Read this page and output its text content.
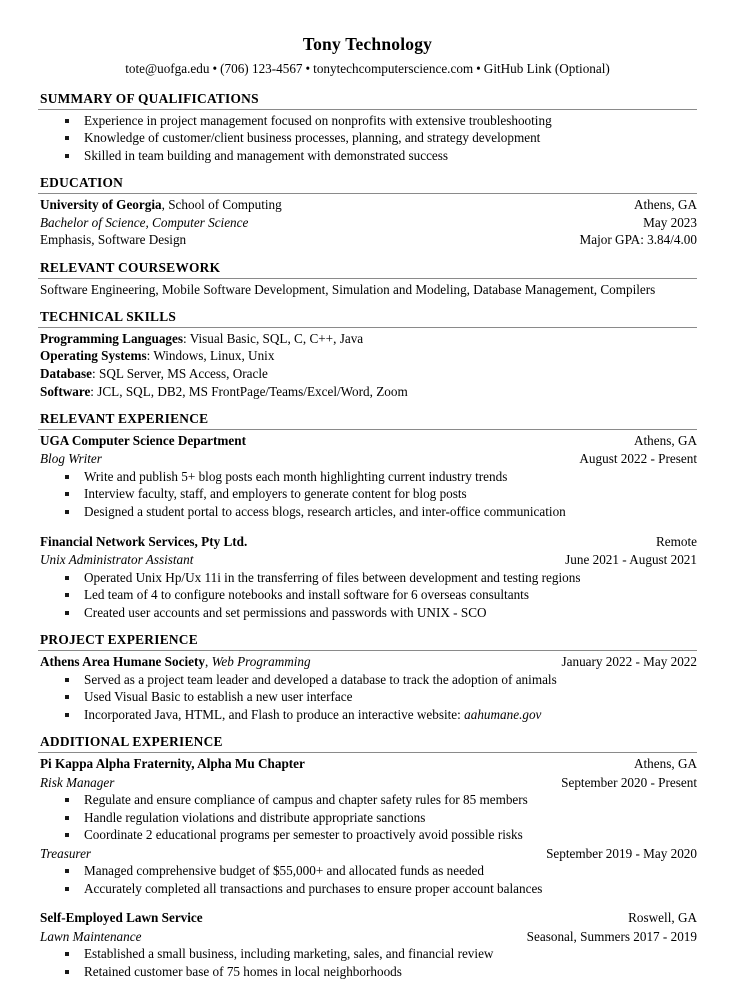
Tony Technology
tote@uofga.edu • (706) 123-4567 • tonytechcomputerscience.com • GitHub Link (Optional)
SUMMARY OF QUALIFICATIONS
Experience in project management focused on nonprofits with extensive troubleshooting
Knowledge of customer/client business processes, planning, and strategy development
Skilled in team building and management with demonstrated success
EDUCATION
University of Georgia, School of Computing	Athens, GA
Bachelor of Science, Computer Science	May 2023
Emphasis, Software Design	Major GPA: 3.84/4.00
RELEVANT COURSEWORK
Software Engineering, Mobile Software Development, Simulation and Modeling, Database Management, Compilers
TECHNICAL SKILLS
Programming Languages: Visual Basic, SQL, C, C++, Java
Operating Systems: Windows, Linux, Unix
Database: SQL Server, MS Access, Oracle
Software: JCL, SQL, DB2, MS FrontPage/Teams/Excel/Word, Zoom
RELEVANT EXPERIENCE
UGA Computer Science Department	Athens, GA
Blog Writer	August 2022 - Present
Write and publish 5+ blog posts each month highlighting current industry trends
Interview faculty, staff, and employers to generate content for blog posts
Designed a student portal to access blogs, research articles, and inter-office communication
Financial Network Services, Pty Ltd.	Remote
Unix Administrator Assistant	June 2021 - August 2021
Operated Unix Hp/Ux 11i in the transferring of files between development and testing regions
Led team of 4 to configure notebooks and install software for 6 overseas consultants
Created user accounts and set permissions and passwords with UNIX - SCO
PROJECT EXPERIENCE
Athens Area Humane Society, Web Programming	January 2022 - May 2022
Served as a project team leader and developed a database to track the adoption of animals
Used Visual Basic to establish a new user interface
Incorporated Java, HTML, and Flash to produce an interactive website: aahumane.gov
ADDITIONAL EXPERIENCE
Pi Kappa Alpha Fraternity, Alpha Mu Chapter	Athens, GA
Risk Manager	September 2020 - Present
Regulate and ensure compliance of campus and chapter safety rules for 85 members
Handle regulation violations and distribute appropriate sanctions
Coordinate 2 educational programs per semester to proactively avoid possible risks
Treasurer	September 2019 - May 2020
Managed comprehensive budget of $55,000+ and allocated funds as needed
Accurately completed all transactions and purchases to ensure proper account balances
Self-Employed Lawn Service	Roswell, GA
Lawn Maintenance	Seasonal, Summers 2017 - 2019
Established a small business, including marketing, sales, and financial review
Retained customer base of 75 homes in local neighborhoods
